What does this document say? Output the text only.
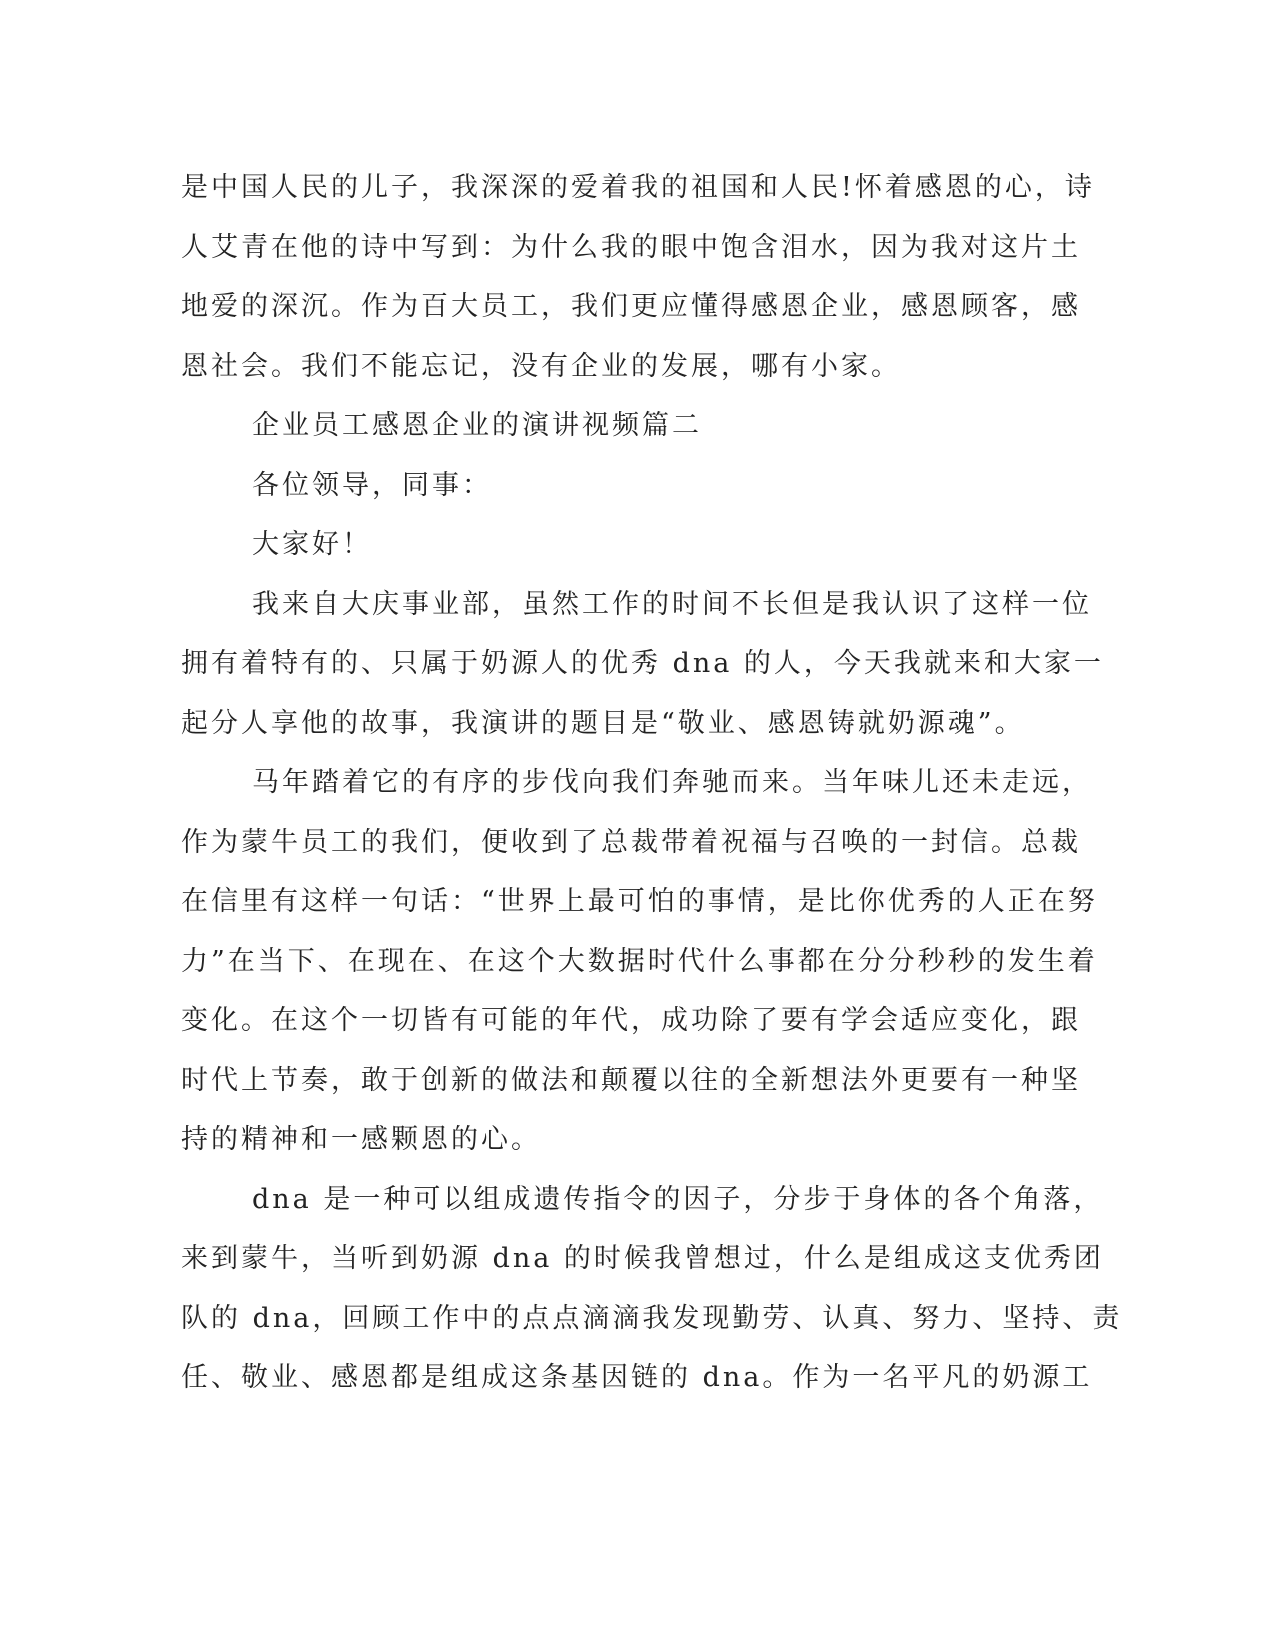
是中国人民的儿子，我深深的爱着我的祖国和人民!怀着感恩的心，诗
人艾青在他的诗中写到：为什么我的眼中饱含泪水，因为我对这片土
地爱的深沉。作为百大员工，我们更应懂得感恩企业，感恩顾客，感
恩社会。我们不能忘记，没有企业的发展，哪有小家。
企业员工感恩企业的演讲视频篇二
各位领导，同事：
大家好！
我来自大庆事业部，虽然工作的时间不长但是我认识了这样一位
拥有着特有的、只属于奶源人的优秀 dna 的人，今天我就来和大家一
起分人享他的故事，我演讲的题目是“敬业、感恩铸就奶源魂”。
马年踏着它的有序的步伐向我们奔驰而来。当年味儿还未走远，
作为蒙牛员工的我们，便收到了总裁带着祝福与召唤的一封信。总裁
在信里有这样一句话：“世界上最可怕的事情，是比你优秀的人正在努
力”在当下、在现在、在这个大数据时代什么事都在分分秒秒的发生着
变化。在这个一切皆有可能的年代，成功除了要有学会适应变化，跟
时代上节奏，敢于创新的做法和颠覆以往的全新想法外更要有一种坚
持的精神和一感颗恩的心。
dna 是一种可以组成遗传指令的因子，分步于身体的各个角落，
来到蒙牛，当听到奶源 dna 的时候我曾想过，什么是组成这支优秀团
队的 dna，回顾工作中的点点滴滴我发现勤劳、认真、努力、坚持、责
任、敬业、感恩都是组成这条基因链的 dna。作为一名平凡的奶源工
